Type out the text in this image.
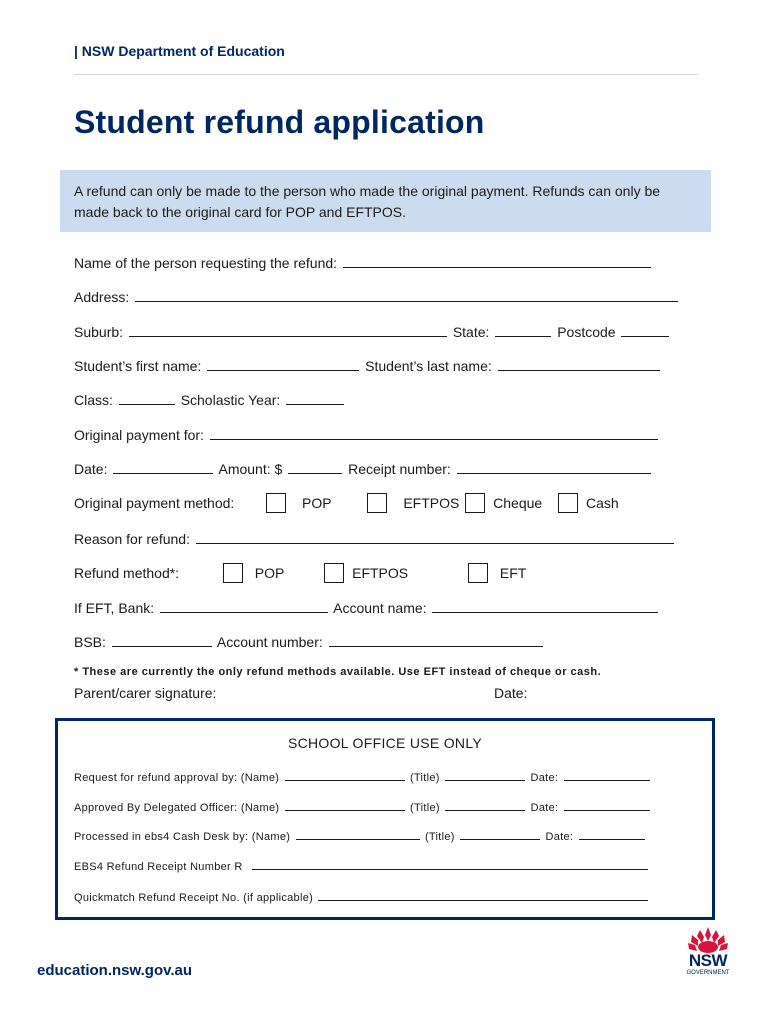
| NSW Department of Education
Student refund application
A refund can only be made to the person who made the original payment. Refunds can only be made back to the original card for POP and EFTPOS.
Name of the person requesting the refund:
Address:
Suburb:	State:	Postcode
Student’s first name:	Student’s last name:
Class:	Scholastic Year:
Original payment for:
Date:	Amount: $	Receipt number:
Original payment method:	POP	EFTPOS Cheque	Cash
Reason for refund:
Refund method*:	POP	EFTPOS	EFT
If EFT, Bank:	Account name:
BSB:	Account number:
* These are currently the only refund methods available. Use EFT instead of cheque or cash.
Parent/carer signature:	Date:
SCHOOL OFFICE USE ONLY
Request for refund approval by: (Name)	(Title)	Date:
Approved By Delegated Officer: (Name)	(Title)	Date:
Processed in ebs4 Cash Desk by: (Name)	(Title)	Date:
EBS4 Refund Receipt Number R
Quickmatch Refund Receipt No. (if applicable)
education.nsw.gov.au
NSW
GOVERNMENT
